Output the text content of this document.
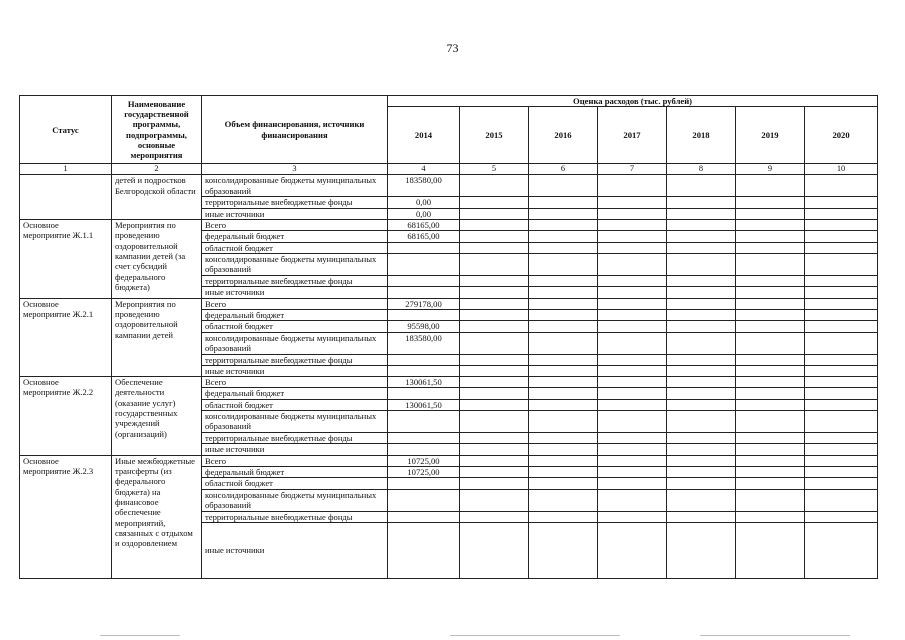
73
Статус	Наименование государственной программы, подпрограммы, основные мероприятия	Объем финансирования, источники финансирования	Оценка расходов (тыс. рублей)						
			2014	2015	2016	2017	2018	2019	2020
1	2	3	4	5	6	7	8	9	10
	детей и подростков Белгородской области	консолидированные бюджеты муниципальных образований	183580,00						
		территориальные внебюджетные фонды	0,00						
		иные источники	0,00						
Основное мероприятие Ж.1.1	Мероприятия по проведению оздоровительной кампании детей (за счет субсидий федерального бюджета)	Всего	68165,00						
		федеральный бюджет	68165,00						
		областной бюджет							
		консолидированные бюджеты муниципальных образований							
		территориальные внебюджетные фонды							
		иные источники							
Основное мероприятие Ж.2.1	Мероприятия по проведению оздоровительной кампании детей	Всего	279178,00						
		федеральный бюджет							
		областной бюджет	95598,00						
		консолидированные бюджеты муниципальных образований	183580,00						
		территориальные внебюджетные фонды							
		иные источники							
Основное мероприятие Ж.2.2	Обеспечение деятельности (оказание услуг) государственных учреждений (организаций)	Всего	130061,50						
		федеральный бюджет							
		областной бюджет	130061,50						
		консолидированные бюджеты муниципальных образований							
		территориальные внебюджетные фонды							
		иные источники							
Основное мероприятие Ж.2.3	Иные межбюджетные трансферты (из федерального бюджета) на финансовое обеспечение мероприятий, связанных с отдыхом и оздоровлением	Всего	10725,00						
		федеральный бюджет	10725,00						
		областной бюджет							
		консолидированные бюджеты муниципальных образований							
		территориальные внебюджетные фонды							
		иные источники							
